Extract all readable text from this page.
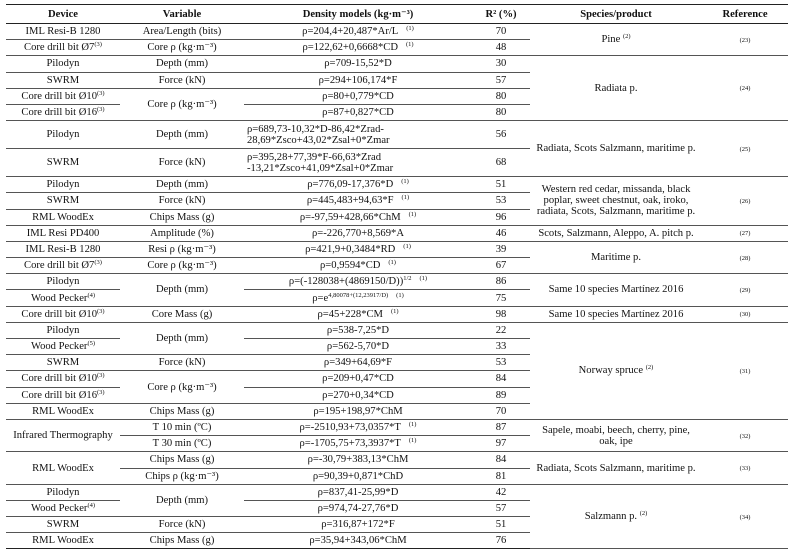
Device	Variable	Density models (kg·m⁻³)	R² (%)	Species/product	Reference
IML Resi-B 1280	Area/Length (bits)	ρ=204,4+20,487*Ar/L $^{(1)}$	70	Pine $^{(2)}$	(23)
Core drill bit Ø7$^{(3)}$	Core ρ (kg·m⁻³)	ρ=122,62+0,6668*CD $^{(1)}$	48		
Pilodyn	Depth (mm)	ρ=709-15,52*D	30	Radiata p.	(24)
SWRM	Force (kN)	ρ=294+106,174*F	57		
Core drill bit Ø10$^{(3)}$	Core ρ (kg·m⁻³)	ρ=80+0,779*CD	80		
Core drill bit Ø16$^{(3)}$		ρ=87+0,827*CD	80		
Pilodyn	Depth (mm)	ρ=689,73-10,32*D-86,42*Zrad-28,69*Zsco+43,02*Zsal+0*Zmar	56	Radiata, Scots Salzmann, maritime p.	(25)
SWRM	Force (kN)	ρ=395,28+77,39*F-66,63*Zrad -13,21*Zsco+41,09*Zsal+0*Zmar	68		
Pilodyn	Depth (mm)	ρ=776,09-17,376*D $^{(1)}$	51	Western red cedar, missanda, black poplar, sweet chestnut, oak, iroko, radiata, Scots, Salzmann, maritime p.	(26)
SWRM	Force (kN)	ρ=445,483+94,63*F $^{(1)}$	53		
RML WoodEx	Chips Mass (g)	ρ=-97,59+428,66*ChM $^{(1)}$	96		
IML Resi PD400	Amplitude (%)	ρ=-226,770+8,569*A	46	Scots, Salzmann, Aleppo, A. pitch p.	(27)
IML Resi-B 1280	Resi ρ (kg·m⁻³)	ρ=421,9+0,3484*RD $^{(1)}$	39	Maritime p.	(28)
Core drill bit Ø7$^{(3)}$	Core ρ (kg·m⁻³)	ρ=0,9594*CD $^{(1)}$	67		
Pilodyn	Depth (mm)	$\rho=(-128038+(4869150/D))^{1/2}$ $^{(1)}$	86	Same 10 species Martínez 2016	(29)
Wood Pecker$^{(4)}$		$\rho=e^{4,80078+(12,23917/D)}$ $^{(1)}$	75		
Core drill bit Ø10$^{(3)}$	Core Mass (g)	ρ=45+228*CM $^{(1)}$	98	Same 10 species Martínez 2016	(30)
Pilodyn	Depth (mm)	ρ=538-7,25*D	22	Norway spruce $^{(2)}$	(31)
Wood Pecker$^{(5)}$		ρ=562-5,70*D	33		
SWRM	Force (kN)	ρ=349+64,69*F	53		
Core drill bit Ø10$^{(3)}$	Core ρ (kg·m⁻³)	ρ=209+0,47*CD	84		
Core drill bit Ø16$^{(3)}$		ρ=270+0,34*CD	89		
RML WoodEx	Chips Mass (g)	ρ=195+198,97*ChM	70		
Infrared Thermography	T 10 min (ºC)	ρ=-2510,93+73,0357*T $^{(1)}$	87	Sapele, moabi, beech, cherry, pine, oak, ipe	(32)
	T 30 min (ºC)	ρ=-1705,75+73,3937*T $^{(1)}$	97		
RML WoodEx	Chips Mass (g)	ρ=-30,79+383,13*ChM	84	Radiata, Scots Salzmann, maritime p.	(33)
	Chips ρ (kg·m⁻³)	ρ=90,39+0,871*ChD	81		
Pilodyn	Depth (mm)	ρ=837,41-25,99*D	42	Salzmann p. $^{(2)}$	(34)
Wood Pecker$^{(4)}$		ρ=974,74-27,76*D	57		
SWRM	Force (kN)	ρ=316,87+172*F	51		
RML WoodEx	Chips Mass (g)	ρ=35,94+343,06*ChM	76		
